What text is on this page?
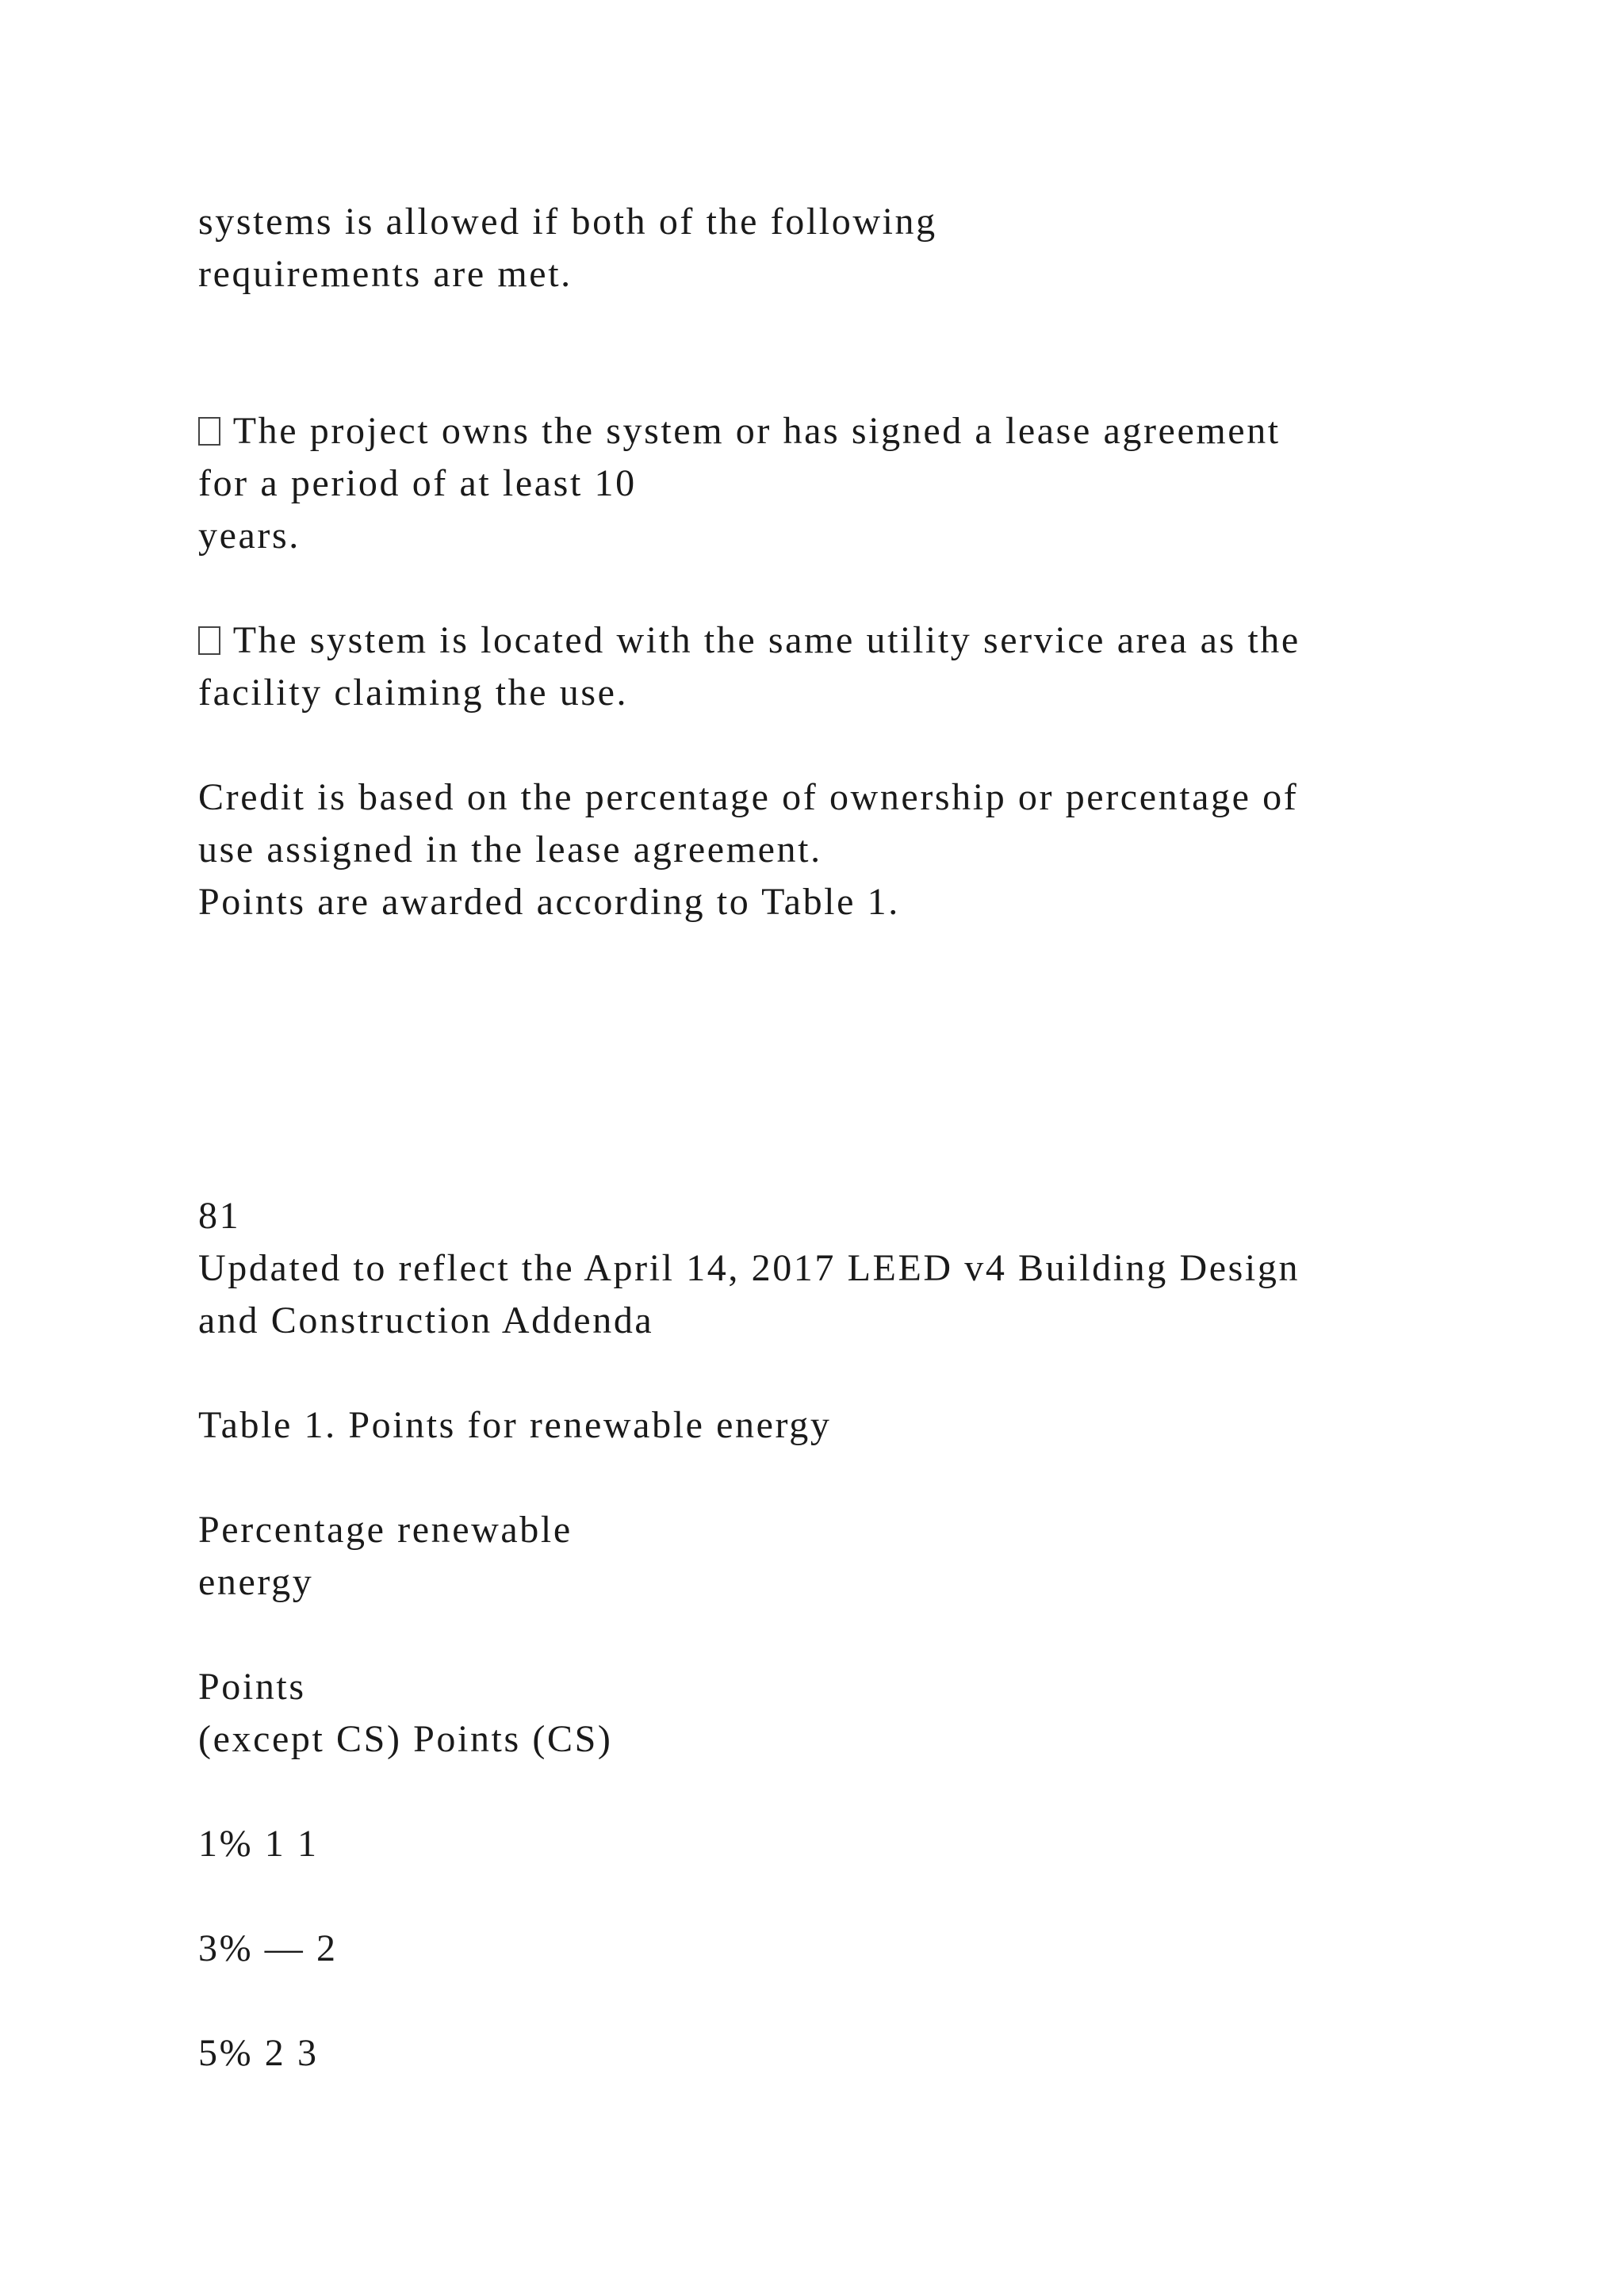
systems is allowed if both of the following
requirements are met.
The project owns the system or has signed a lease agreement
for a period of at least 10
years.
The system is located with the same utility service area as the
facility claiming the use.
Credit is based on the percentage of ownership or percentage of
use assigned in the lease agreement.
Points are awarded according to Table 1.
81
Updated to reflect the April 14, 2017 LEED v4 Building Design
and Construction Addenda
Table 1. Points for renewable energy
Percentage renewable
energy
Points
(except CS) Points (CS)
1% 1 1
3% — 2
5% 2 3
